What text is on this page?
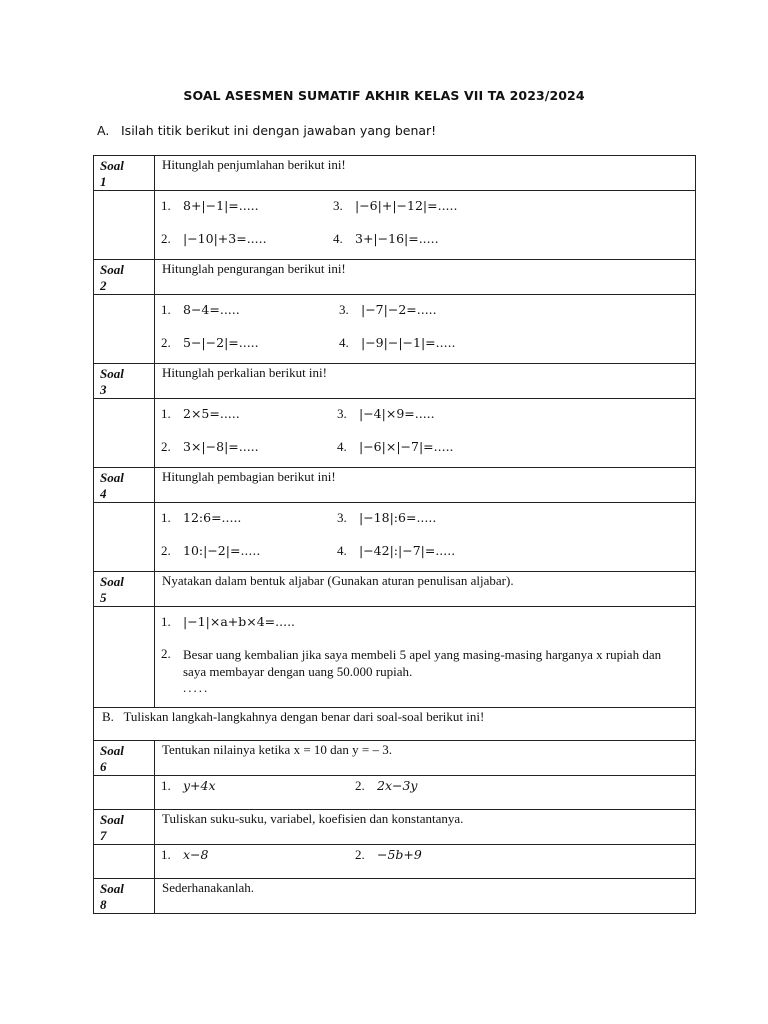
SOAL ASESMEN SUMATIF AKHIR KELAS VII TA 2023/2024
A. Isilah titik berikut ini dengan jawaban yang benar!
Soal
1	Hitunglah penjumlahan berikut ini!

	1. 8+|−1|=..... 3. |−6|+|−12|=.....
2. |−10|+3=..... 4. 3+|−16|=.....

Soal
2	Hitunglah pengurangan berikut ini!

	1. 8−4=..... 3. |−7|−2=.....
2. 5−|−2|=..... 4. |−9|−|−1|=.....

Soal
3	Hitunglah perkalian berikut ini!

	1. 2×5=..... 3. |−4|×9=.....
2. 3×|−8|=..... 4. |−6|×|−7|=.....

Soal
4	Hitunglah pembagian berikut ini!

	1. 12:6=..... 3. |−18|:6=.....
2. 10:|−2|=..... 4. |−42|:|−7|=.....

Soal
5	Nyatakan dalam bentuk aljabar (Gunakan aturan penulisan aljabar).

	1. |−1|×a+b×4=.....
2. Besar uang kembalian jika saya membeli 5 apel yang masing-masing harganya x rupiah dan saya membayar dengan uang 50.000 rupiah.
.....

B. Tuliskan langkah-langkahnya dengan benar dari soal-soal berikut ini!	
Soal
6	Tentukan nilainya ketika x = 10 dan y = – 3.

	1. y+4x 2. 2x−3y

Soal
7	Tuliskan suku-suku, variabel, koefisien dan konstantanya.

	1. x−8 2. −5b+9

Soal
8	Sederhanakanlah.
